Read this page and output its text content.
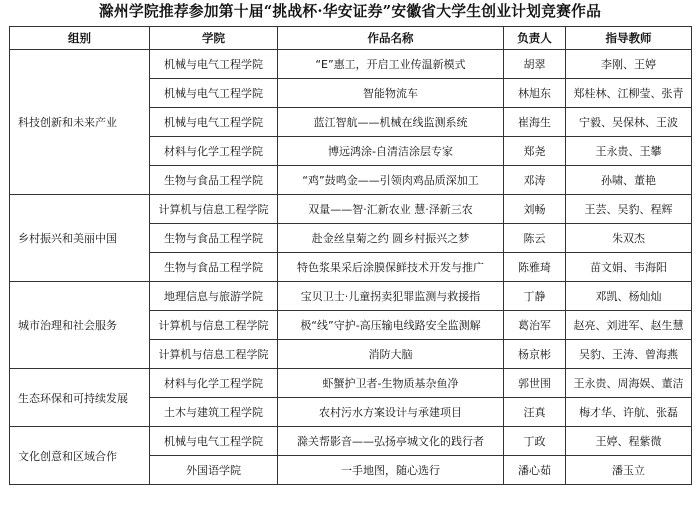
滁州学院推荐参加第十届“挑战杯·华安证券”安徽省大学生创业计划竞赛作品
组别	学院	作品名称	负责人	指导教师
科技创新和未来产业	机械与电气工程学院	“E”惠工，开启工业传温新模式	胡翠	李刚、王婷
	机械与电气工程学院	智能物流车	林旭东	郑桂林、江柳莹、张青
	机械与电气工程学院	蓝江智航——机械在线监测系统	崔海生	宁毅、吴保林、王波
	材料与化学工程学院	博远鸿涂-自清洁涂层专家	郑尧	王永贵、王攀
	生物与食品工程学院	“鸡”鼓鸣金——引领肉鸡品质深加工	邓涛	孙啸、董艳
乡村振兴和美丽中国	计算机与信息工程学院	双量——智·汇新农业 慧·泽新三农	刘畅	王芸、吴豹、程辉
	生物与食品工程学院	赴金丝皇菊之约 圆乡村振兴之梦	陈云	朱双杰
	生物与食品工程学院	特色浆果采后涂膜保鲜技术开发与推广	陈雅琦	苗文娟、韦海阳
城市治理和社会服务	地理信息与旅游学院	宝贝卫士·儿童拐卖犯罪监测与救援指	丁静	邓凯、杨灿灿
	计算机与信息工程学院	极“线”守护-高压输电线路安全监测解	葛治军	赵亮、刘进军、赵生慧
	计算机与信息工程学院	消防大脑	杨京彬	吴豹、王涛、曾海燕
生态环保和可持续发展	材料与化学工程学院	虾蟹护卫者-生物质基杂鱼净	郭世围	王永贵、周海娱、董洁
	土木与建筑工程学院	农村污水方案设计与承建项目	汪真	梅才华、许航、张磊
文化创意和区域合作	机械与电气工程学院	滁关帮影音——弘扬亭城文化的践行者	丁政	王婷、程紫微
	外国语学院	一手地图，随心选行	潘心茹	潘玉立
